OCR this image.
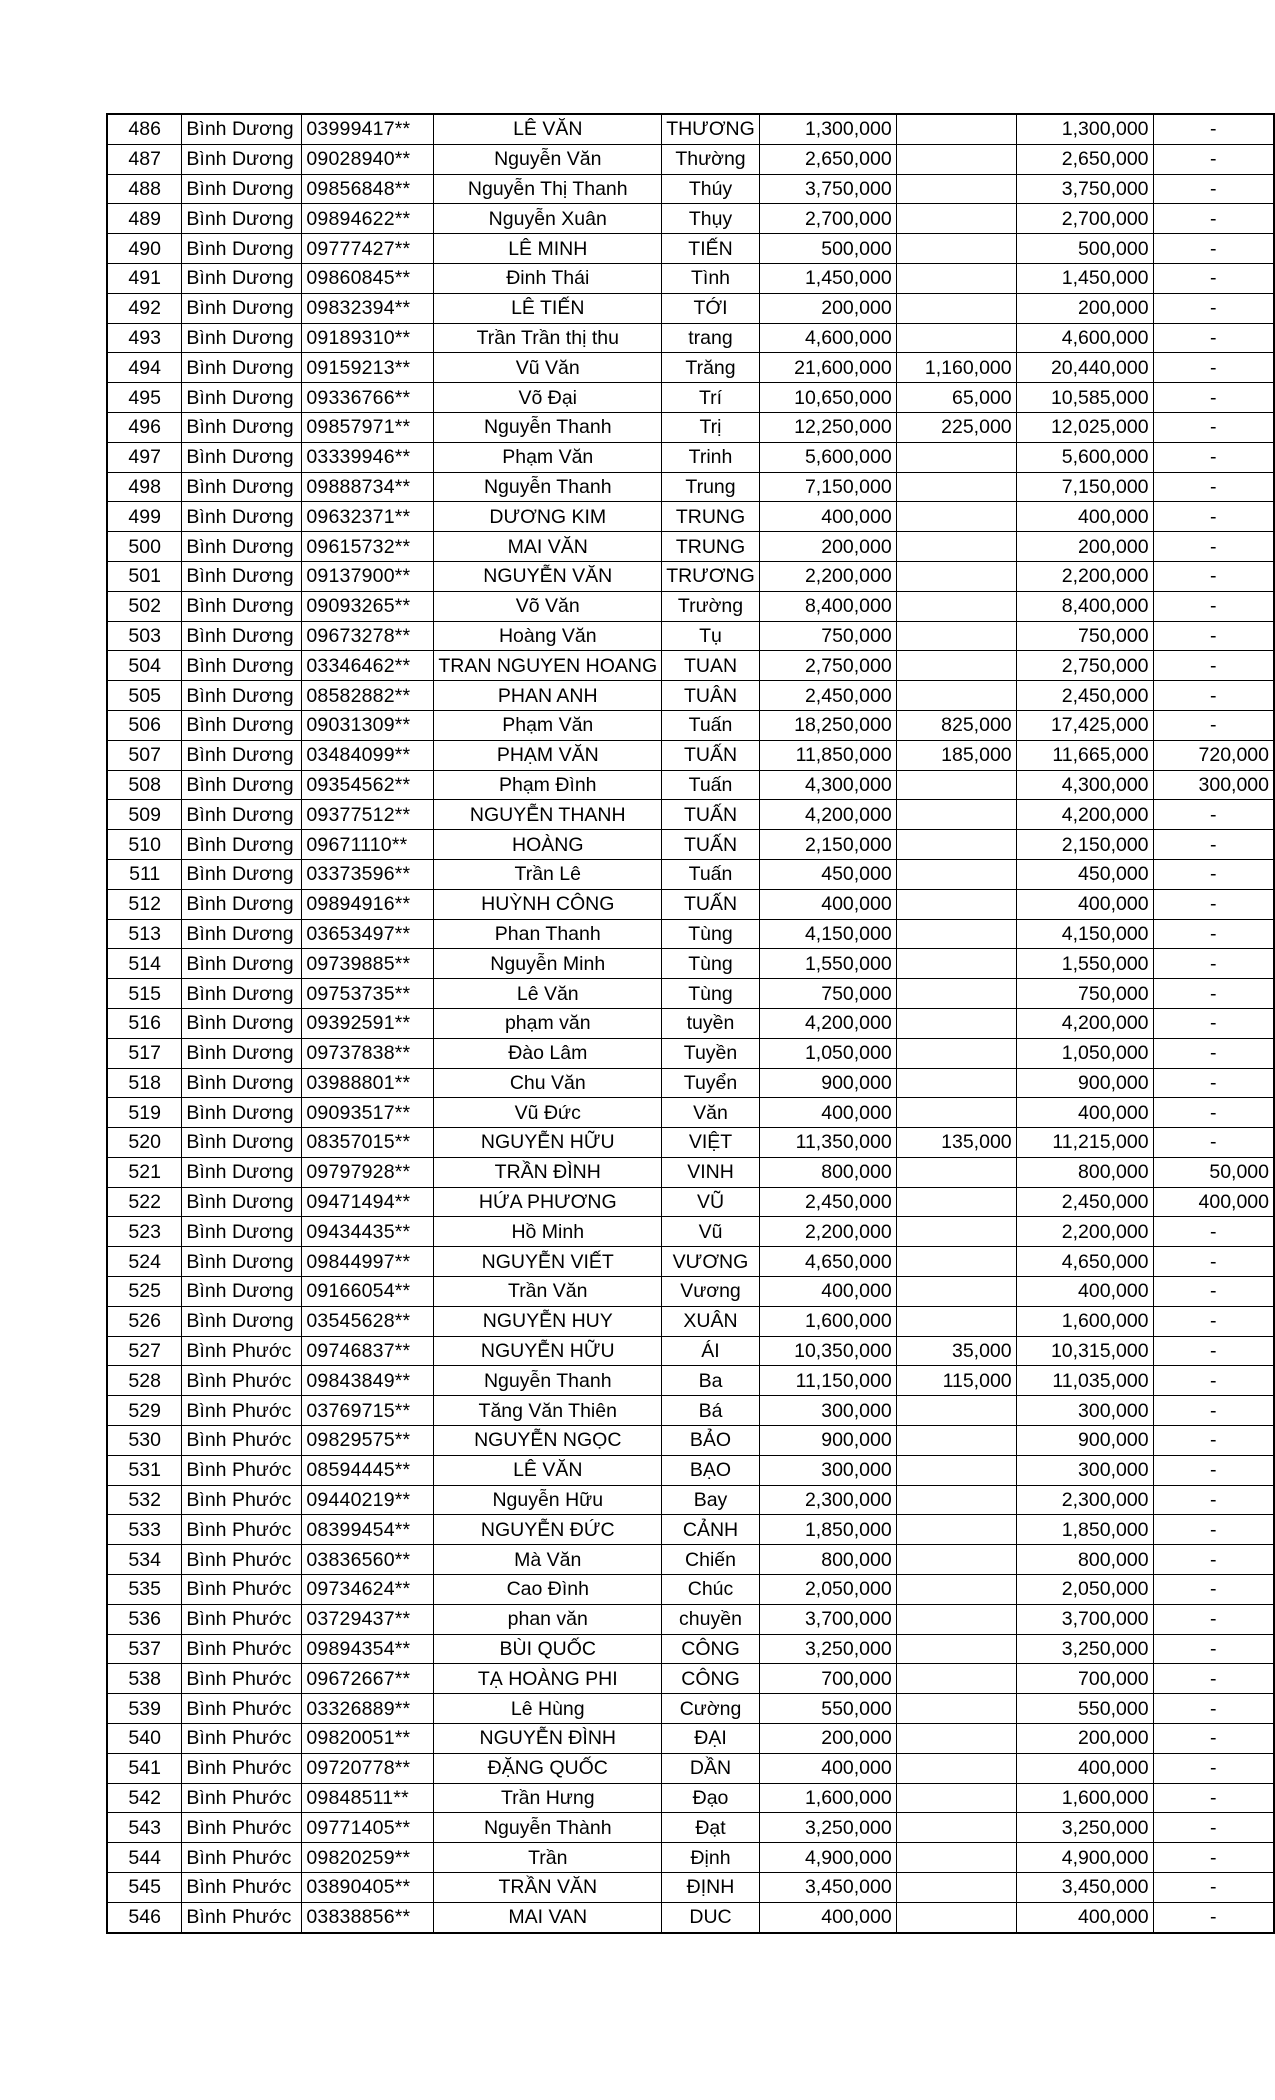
486	Bình Dương	03999417**	LÊ VĂN	THƯƠNG	1,300,000		1,300,000	-
487	Bình Dương	09028940**	Nguyễn Văn	Thường	2,650,000		2,650,000	-
488	Bình Dương	09856848**	Nguyễn Thị Thanh	Thúy	3,750,000		3,750,000	-
489	Bình Dương	09894622**	Nguyễn Xuân	Thụy	2,700,000		2,700,000	-
490	Bình Dương	09777427**	LÊ MINH	TIẾN	500,000		500,000	-
491	Bình Dương	09860845**	Đinh Thái	Tình	1,450,000		1,450,000	-
492	Bình Dương	09832394**	LÊ TIẾN	TỚI	200,000		200,000	-
493	Bình Dương	09189310**	Trần Trần thị thu	trang	4,600,000		4,600,000	-
494	Bình Dương	09159213**	Vũ Văn	Trăng	21,600,000	1,160,000	20,440,000	-
495	Bình Dương	09336766**	Võ Đại	Trí	10,650,000	65,000	10,585,000	-
496	Bình Dương	09857971**	Nguyễn Thanh	Trị	12,250,000	225,000	12,025,000	-
497	Bình Dương	03339946**	Phạm Văn	Trinh	5,600,000		5,600,000	-
498	Bình Dương	09888734**	Nguyễn Thanh	Trung	7,150,000		7,150,000	-
499	Bình Dương	09632371**	DƯƠNG KIM	TRUNG	400,000		400,000	-
500	Bình Dương	09615732**	MAI VĂN	TRUNG	200,000		200,000	-
501	Bình Dương	09137900**	NGUYỄN VĂN	TRƯƠNG	2,200,000		2,200,000	-
502	Bình Dương	09093265**	Võ Văn	Trường	8,400,000		8,400,000	-
503	Bình Dương	09673278**	Hoàng Văn	Tụ	750,000		750,000	-
504	Bình Dương	03346462**	TRAN NGUYEN HOANG	TUAN	2,750,000		2,750,000	-
505	Bình Dương	08582882**	PHAN ANH	TUÂN	2,450,000		2,450,000	-
506	Bình Dương	09031309**	Phạm Văn	Tuấn	18,250,000	825,000	17,425,000	-
507	Bình Dương	03484099**	PHẠM VĂN	TUẤN	11,850,000	185,000	11,665,000	720,000
508	Bình Dương	09354562**	Phạm Đình	Tuấn	4,300,000		4,300,000	300,000
509	Bình Dương	09377512**	NGUYỄN THANH	TUẤN	4,200,000		4,200,000	-
510	Bình Dương	09671110**	HOÀNG	TUẤN	2,150,000		2,150,000	-
511	Bình Dương	03373596**	Trần Lê	Tuấn	450,000		450,000	-
512	Bình Dương	09894916**	HUỲNH CÔNG	TUẤN	400,000		400,000	-
513	Bình Dương	03653497**	Phan Thanh	Tùng	4,150,000		4,150,000	-
514	Bình Dương	09739885**	Nguyễn Minh	Tùng	1,550,000		1,550,000	-
515	Bình Dương	09753735**	Lê Văn	Tùng	750,000		750,000	-
516	Bình Dương	09392591**	phạm văn	tuyền	4,200,000		4,200,000	-
517	Bình Dương	09737838**	Đào Lâm	Tuyền	1,050,000		1,050,000	-
518	Bình Dương	03988801**	Chu Văn	Tuyển	900,000		900,000	-
519	Bình Dương	09093517**	Vũ Đức	Văn	400,000		400,000	-
520	Bình Dương	08357015**	NGUYỄN HỮU	VIỆT	11,350,000	135,000	11,215,000	-
521	Bình Dương	09797928**	TRẦN ĐÌNH	VINH	800,000		800,000	50,000
522	Bình Dương	09471494**	HỨA PHƯƠNG	VŨ	2,450,000		2,450,000	400,000
523	Bình Dương	09434435**	Hồ Minh	Vũ	2,200,000		2,200,000	-
524	Bình Dương	09844997**	NGUYỄN VIẾT	VƯƠNG	4,650,000		4,650,000	-
525	Bình Dương	09166054**	Trần Văn	Vương	400,000		400,000	-
526	Bình Dương	03545628**	NGUYỄN HUY	XUÂN	1,600,000		1,600,000	-
527	Bình Phước	09746837**	NGUYỄN HỮU	ÁI	10,350,000	35,000	10,315,000	-
528	Bình Phước	09843849**	Nguyễn Thanh	Ba	11,150,000	115,000	11,035,000	-
529	Bình Phước	03769715**	Tăng Văn Thiên	Bá	300,000		300,000	-
530	Bình Phước	09829575**	NGUYỄN NGỌC	BẢO	900,000		900,000	-
531	Bình Phước	08594445**	LÊ VĂN	BẠO	300,000		300,000	-
532	Bình Phước	09440219**	Nguyễn Hữu	Bay	2,300,000		2,300,000	-
533	Bình Phước	08399454**	NGUYỄN ĐỨC	CẢNH	1,850,000		1,850,000	-
534	Bình Phước	03836560**	Mà Văn	Chiến	800,000		800,000	-
535	Bình Phước	09734624**	Cao Đình	Chúc	2,050,000		2,050,000	-
536	Bình Phước	03729437**	phan văn	chuyền	3,700,000		3,700,000	-
537	Bình Phước	09894354**	BÙI QUỐC	CÔNG	3,250,000		3,250,000	-
538	Bình Phước	09672667**	TẠ HOÀNG PHI	CÔNG	700,000		700,000	-
539	Bình Phước	03326889**	Lê Hùng	Cường	550,000		550,000	-
540	Bình Phước	09820051**	NGUYỄN ĐÌNH	ĐẠI	200,000		200,000	-
541	Bình Phước	09720778**	ĐẶNG QUỐC	DẦN	400,000		400,000	-
542	Bình Phước	09848511**	Trần Hưng	Đạo	1,600,000		1,600,000	-
543	Bình Phước	09771405**	Nguyễn Thành	Đạt	3,250,000		3,250,000	-
544	Bình Phước	09820259**	Trần	Định	4,900,000		4,900,000	-
545	Bình Phước	03890405**	TRẦN VĂN	ĐỊNH	3,450,000		3,450,000	-
546	Bình Phước	03838856**	MAI VAN	DUC	400,000		400,000	-
